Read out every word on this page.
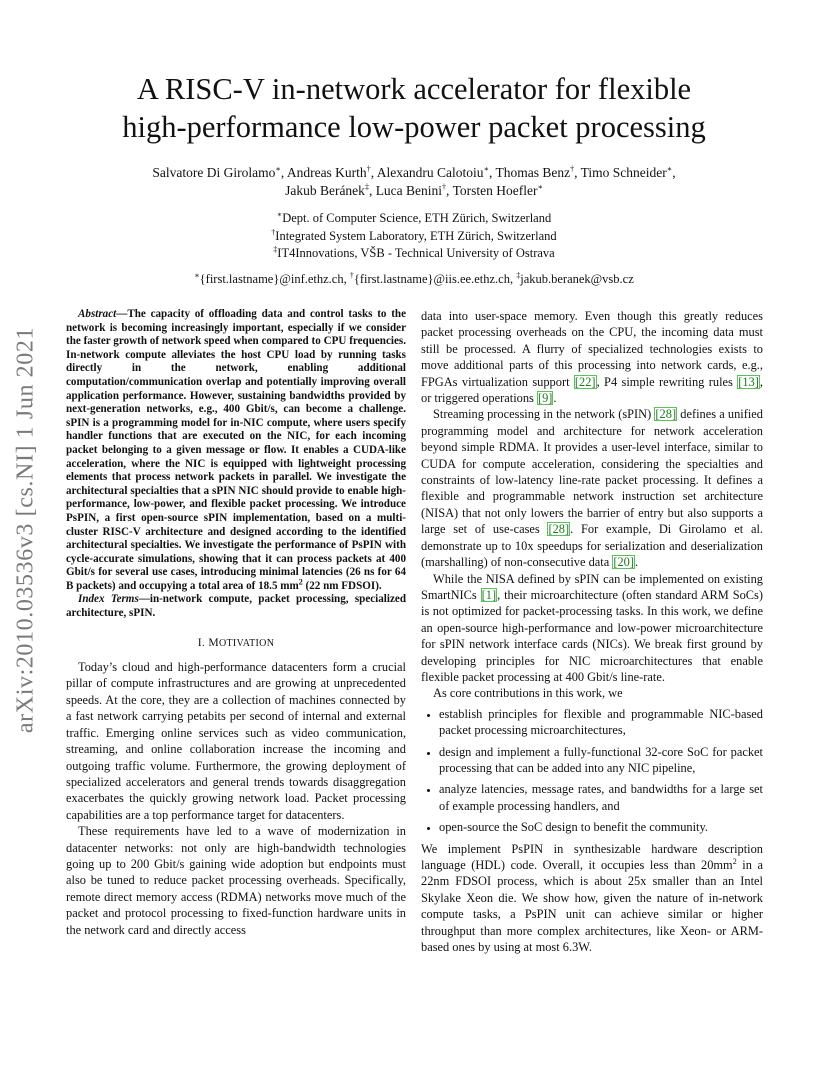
arXiv:2010.03536v3 [cs.NI] 1 Jun 2021
A RISC-V in-network accelerator for flexible
high-performance low-power packet processing
Salvatore Di Girolamo∗, Andreas Kurth†, Alexandru Calotoiu∗, Thomas Benz†, Timo Schneider∗,
Jakub Beránek‡, Luca Benini†, Torsten Hoefler∗
∗Dept. of Computer Science, ETH Zürich, Switzerland
†Integrated System Laboratory, ETH Zürich, Switzerland
‡IT4Innovations, VŠB - Technical University of Ostrava
∗{first.lastname}@inf.ethz.ch, †{first.lastname}@iis.ee.ethz.ch, ‡jakub.beranek@vsb.cz

Abstract—The capacity of offloading data and control tasks to the network is becoming increasingly important, especially if we consider the faster growth of network speed when compared to CPU frequencies. In-network compute alleviates the host CPU load by running tasks directly in the network, enabling additional computation/communication overlap and potentially improving overall application performance. However, sustaining bandwidths provided by next-generation networks, e.g., 400 Gbit/s, can become a challenge. sPIN is a programming model for in-NIC compute, where users specify handler functions that are executed on the NIC, for each incoming packet belonging to a given message or flow. It enables a CUDA-like acceleration, where the NIC is equipped with lightweight processing elements that process network packets in parallel. We investigate the architectural specialties that a sPIN NIC should provide to enable high-performance, low-power, and flexible packet processing. We introduce PsPIN, a first open-source sPIN implementation, based on a multi-cluster RISC-V architecture and designed according to the identified architectural specialties. We investigate the performance of PsPIN with cycle-accurate simulations, showing that it can process packets at 400 Gbit/s for several use cases, introducing minimal latencies (26 ns for 64 B packets) and occupying a total area of 18.5 $mm^2$ (22 nm FDSOI).

Index Terms—in-network compute, packet processing, specialized architecture, sPIN.

I. MOTIVATION

Today’s cloud and high-performance datacenters form a crucial pillar of compute infrastructures and are growing at unprecedented speeds. At the core, they are a collection of machines connected by a fast network carrying petabits per second of internal and external traffic. Emerging online services such as video communication, streaming, and online collaboration increase the incoming and outgoing traffic volume. Furthermore, the growing deployment of specialized accelerators and general trends towards disaggregation exacerbates the quickly growing network load. Packet processing capabilities are a top performance target for datacenters.

These requirements have led to a wave of modernization in datacenter networks: not only are high-bandwidth technologies going up to 200 Gbit/s gaining wide adoption but endpoints must also be tuned to reduce packet processing overheads. Specifically, remote direct memory access (RDMA) networks move much of the packet and protocol processing to fixed-function hardware units in the network card and directly access

data into user-space memory. Even though this greatly reduces packet processing overheads on the CPU, the incoming data must still be processed. A flurry of specialized technologies exists to move additional parts of this processing into network cards, e.g., FPGAs virtualization support [22], P4 simple rewriting rules [13], or triggered operations [9].

Streaming processing in the network (sPIN) [28] defines a unified programming model and architecture for network acceleration beyond simple RDMA. It provides a user-level interface, similar to CUDA for compute acceleration, considering the specialties and constraints of low-latency line-rate packet processing. It defines a flexible and programmable network instruction set architecture (NISA) that not only lowers the barrier of entry but also supports a large set of use-cases [28]. For example, Di Girolamo et al. demonstrate up to 10x speedups for serialization and deserialization (marshalling) of non-consecutive data [20].

While the NISA defined by sPIN can be implemented on existing SmartNICs [1], their microarchitecture (often standard ARM SoCs) is not optimized for packet-processing tasks. In this work, we define an open-source high-performance and low-power microarchitecture for sPIN network interface cards (NICs). We break first ground by developing principles for NIC microarchitectures that enable flexible packet processing at 400 Gbit/s line-rate.

As core contributions in this work, we

• establish principles for flexible and programmable NIC-based packet processing microarchitectures,
• design and implement a fully-functional 32-core SoC for packet processing that can be added into any NIC pipeline,
• analyze latencies, message rates, and bandwidths for a large set of example processing handlers, and
• open-source the SoC design to benefit the community.

We implement PsPIN in synthesizable hardware description language (HDL) code. Overall, it occupies less than $20mm^2$ in a 22nm FDSOI process, which is about 25x smaller than an Intel Skylake Xeon die. We show how, given the nature of in-network compute tasks, a PsPIN unit can achieve similar or higher throughput than more complex architectures, like Xeon- or ARM- based ones by using at most 6.3W.
